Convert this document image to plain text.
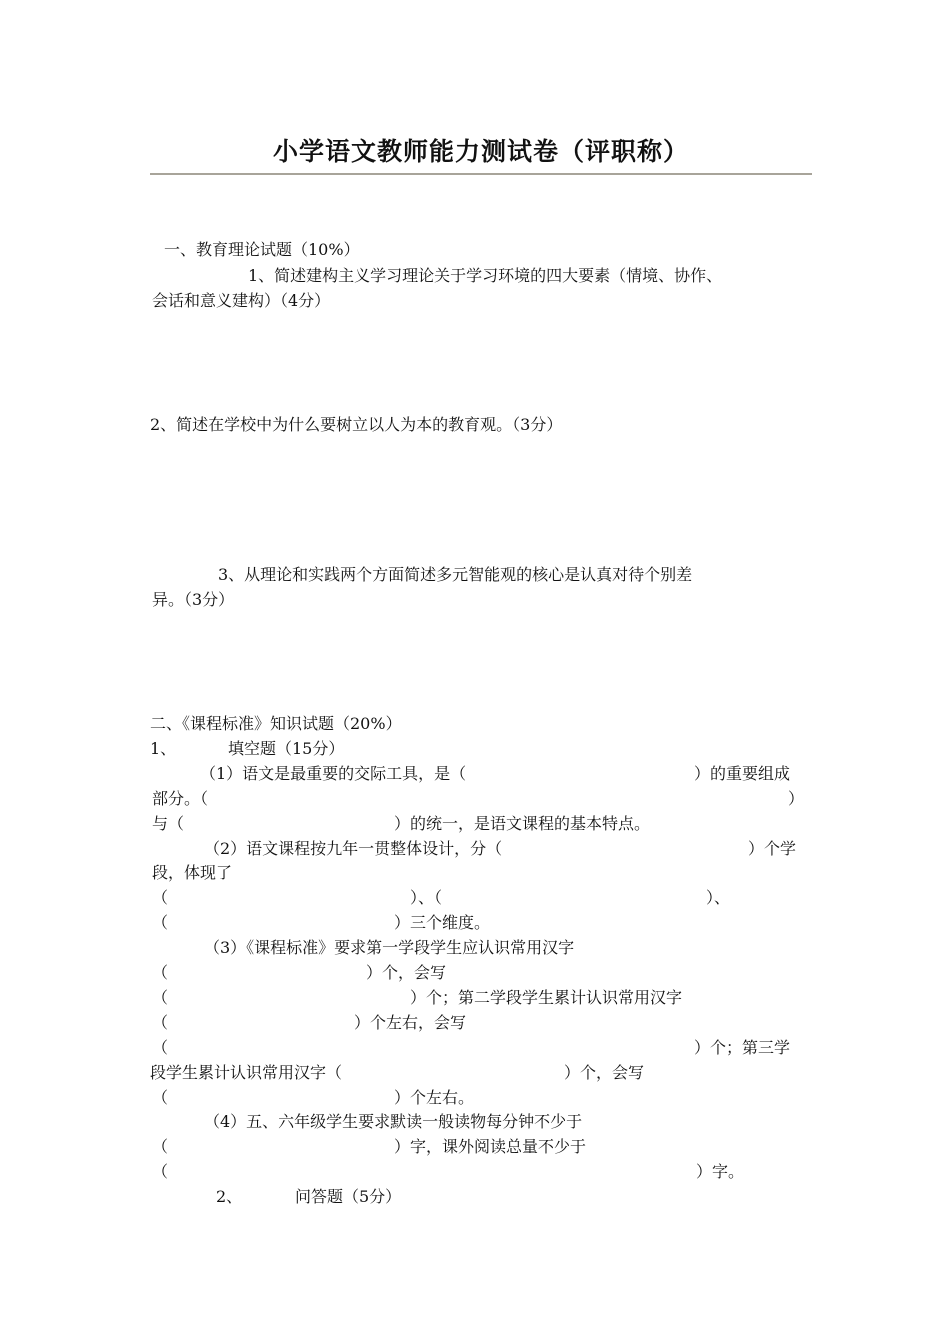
小学语文教师能力测试卷（评职称）
一、教育理论试题（10%）
1、简述建构主义学习理论关于学习环境的四大要素（情境、协作、
会话和意义建构）（4分）
2、简述在学校中为什么要树立以人为本的教育观。（3分）
3、从理论和实践两个方面简述多元智能观的核心是认真对待个别差
异。（3分）
二、《课程标准》知识试题（20%）
1、	填空题（15分）
（1）语文是最重要的交际工具，是（	）的重要组成
部分。（	）
与（	）的统一，是语文课程的基本特点。
（2）语文课程按九年一贯整体设计，分（	）个学
段，体现了
（	）、（	）、
（	）三个维度。
（3）《课程标准》要求第一学段学生应认识常用汉字
（	）个，会写
（	）个；第二学段学生累计认识常用汉字
（	）个左右，会写
（	）个；第三学
段学生累计认识常用汉字（	）个，会写
（	）个左右。
（4）五、六年级学生要求默读一般读物每分钟不少于
（	）字，课外阅读总量不少于
（	）字。
2、	问答题（5分）
